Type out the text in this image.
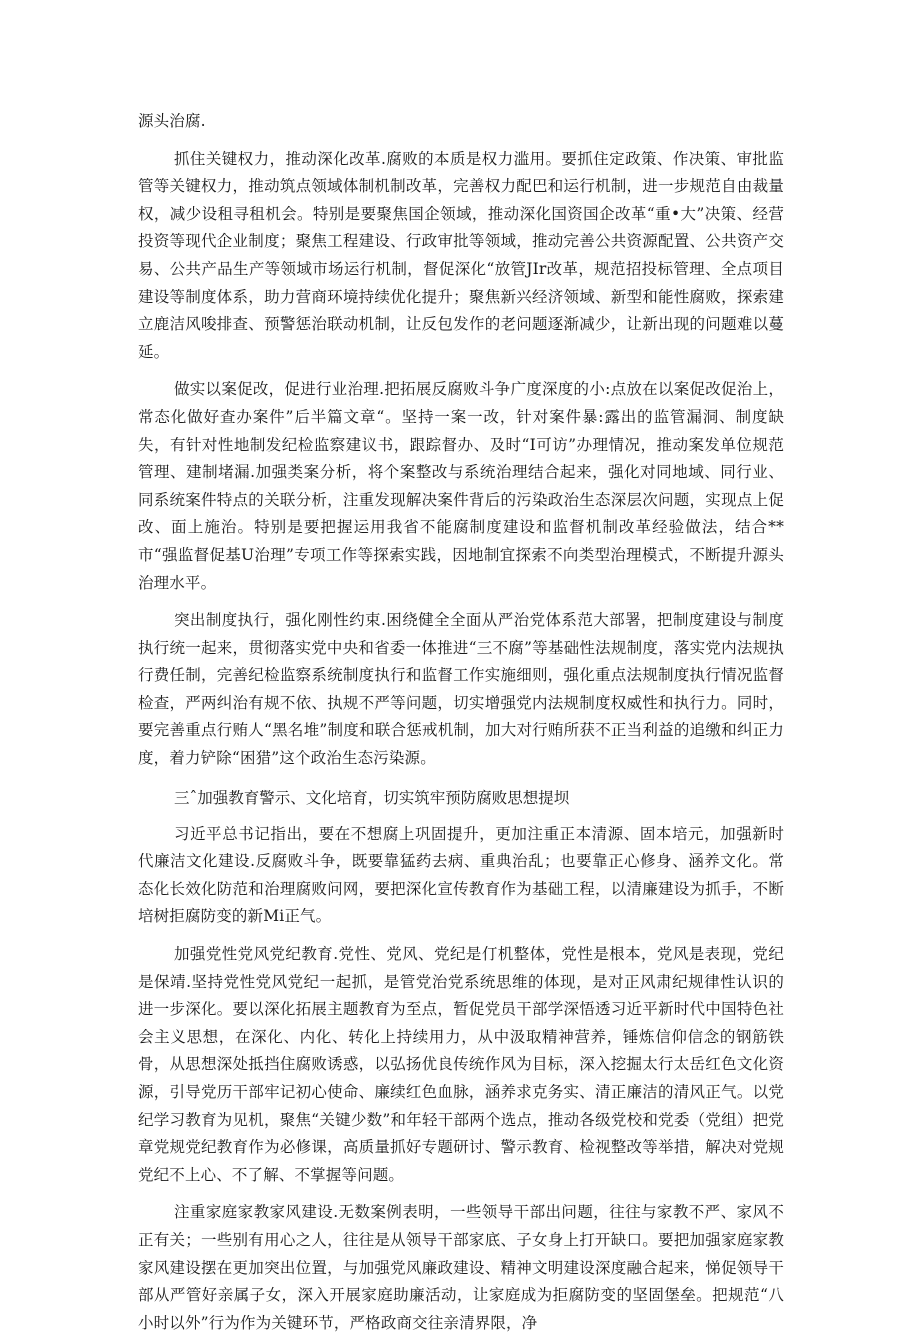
源头治腐.

抓住关键权力，推动深化改革.腐败的本质是权力滥用。要抓住定政策、作决策、审批监管等关键权力，推动筑点领域体制机制改革，完善权力配巴和运行机制，进一步规范自由裁量权，减少设租寻租机会。特别是要聚焦国企领域，推动深化国资国企改革“重•大”决策、经营投资等现代企业制度；聚焦工程建设、行政审批等领域，推动完善公共资源配置、公共资产交易、公共产品生产等领域市场运行机制，督促深化“放管JIr改革，规范招投标管理、全点项目建设等制度体系，助力营商环境持续优化提升；聚焦新兴经济领域、新型和能性腐败，探索建立鹿洁风唆排查、预警惩治联动机制，让反包发作的老问题逐渐减少，让新出现的问题难以蔓延。

做实以案促改，促进行业治理.把拓展反腐败斗争广度深度的小:点放在以案促改促治上，常态化做好查办案件”后半篇文章“。坚持一案一改，针对案件暴:露出的监管漏洞、制度缺失，有针对性地制发纪检监察建议书，跟踪督办、及时“I可访”办理情况，推动案发单位规范管理、建制堵漏.加强类案分析，将个案整改与系统治理结合起来，强化对同地域、同行业、同系统案件特点的关联分析，注重发现解决案件背后的污染政治生态深层次问题，实现点上促改、面上施治。特别是要把握运用我省不能腐制度建设和监督机制改革经验做法，结合**市“强监督促基U治理”专项工作等探索实践，因地制宜探索不向类型治理模式，不断提升源头治理水平。

突出制度执行，强化刚性约束.困绕健全全面从严治党体系范大部署，把制度建设与制度执行统一起来，贯彻落实党中央和省委一体推进“三不腐”等基础性法规制度，落实党内法规执行费任制，完善纪检监察系统制度执行和监督工作实施细则，强化重点法规制度执行情况监督检查，严两纠治有规不依、执规不严等问题，切实增强党内法规制度权威性和执行力。同时，要完善重点行贿人“黑名堆”制度和联合惩戒机制，加大对行贿所获不正当利益的追缴和纠正力度，着力铲除“困猎”这个政治生态污染源。

三ˆ加强教育警示、文化培育，切实筑牢预防腐败思想提坝

习近平总书记指出，要在不想腐上巩固提升，更加注重正本清源、固本培元，加强新时代廉洁文化建设.反腐败斗争，既要靠猛药去病、重典治乱；也要靠正心修身、涵养文化。常态化长效化防范和治理腐败问网，要把深化宣传教育作为基础工程，以清廉建设为抓手，不断培树拒腐防变的新Mi正气。

加强党性党风党纪教育.党性、党风、党纪是仃机整体，党性是根本，党风是表现，党纪是保靖.坚持党性党风党纪一起抓，是管党治党系统思维的体现，是对正风肃纪规律性认识的进一步深化。要以深化拓展主题教育为至点，暂促党员干部学深悟透习近平新时代中国特色社会主义思想，在深化、内化、转化上持续用力，从中汲取精神营养，锤炼信仰信念的钢筋铁骨，从思想深处抵挡住腐败诱惑，以弘扬优良传统作风为目标，深入挖掘太行太岳红色文化资源，引导党历干部牢记初心使命、廉续红色血脉，涵养求克务实、清正廉洁的清风正气。以党纪学习教育为见机，聚焦“关键少数”和年轻干部两个选点，推动各级党校和党委（党组）把党章党规党纪教育作为必修课，高质量抓好专题研讨、警示教育、检视整改等举措，解决对党规党纪不上心、不了解、不掌握等问题。

注重家庭家教家风建设.无数案例表明，一些领导干部出问题，往往与家教不严、家风不正有关；一些别有用心之人，往往是从领导干部家底、子女身上打开缺口。要把加强家庭家教家风建设摆在更加突出位置，与加强党风廉政建设、精神文明建设深度融合起来，悌促领导干部从严管好亲属子女，深入开展家庭助廉活动，让家庭成为拒腐防变的坚固堡垒。把规范“八小时以外”行为作为关键环节，严格政商交往亲清界限，净
